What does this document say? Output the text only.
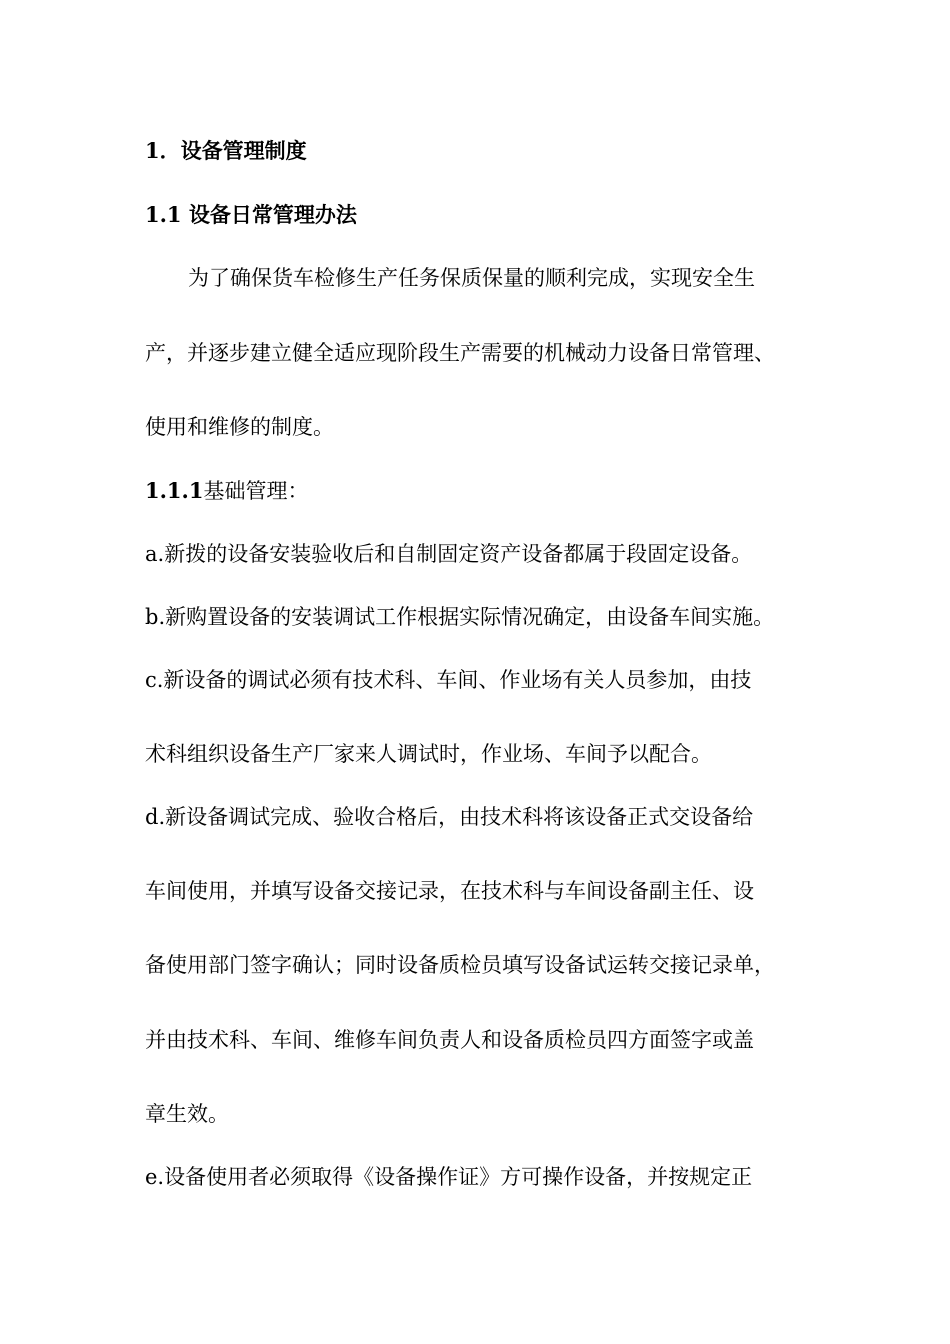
1．设备管理制度
1.1 设备日常管理办法
为了确保货车检修生产任务保质保量的顺利完成，实现安全生
产，并逐步建立健全适应现阶段生产需要的机械动力设备日常管理、
使用和维修的制度。
1.1.1基础管理：
a.新拨的设备安装验收后和自制固定资产设备都属于段固定设备。
b.新购置设备的安装调试工作根据实际情况确定，由设备车间实施。
c.新设备的调试必须有技术科、车间、作业场有关人员参加，由技
术科组织设备生产厂家来人调试时，作业场、车间予以配合。
d.新设备调试完成、验收合格后，由技术科将该设备正式交设备给
车间使用，并填写设备交接记录，在技术科与车间设备副主任、设
备使用部门签字确认；同时设备质检员填写设备试运转交接记录单，
并由技术科、车间、维修车间负责人和设备质检员四方面签字或盖
章生效。
e.设备使用者必须取得《设备操作证》方可操作设备，并按规定正
